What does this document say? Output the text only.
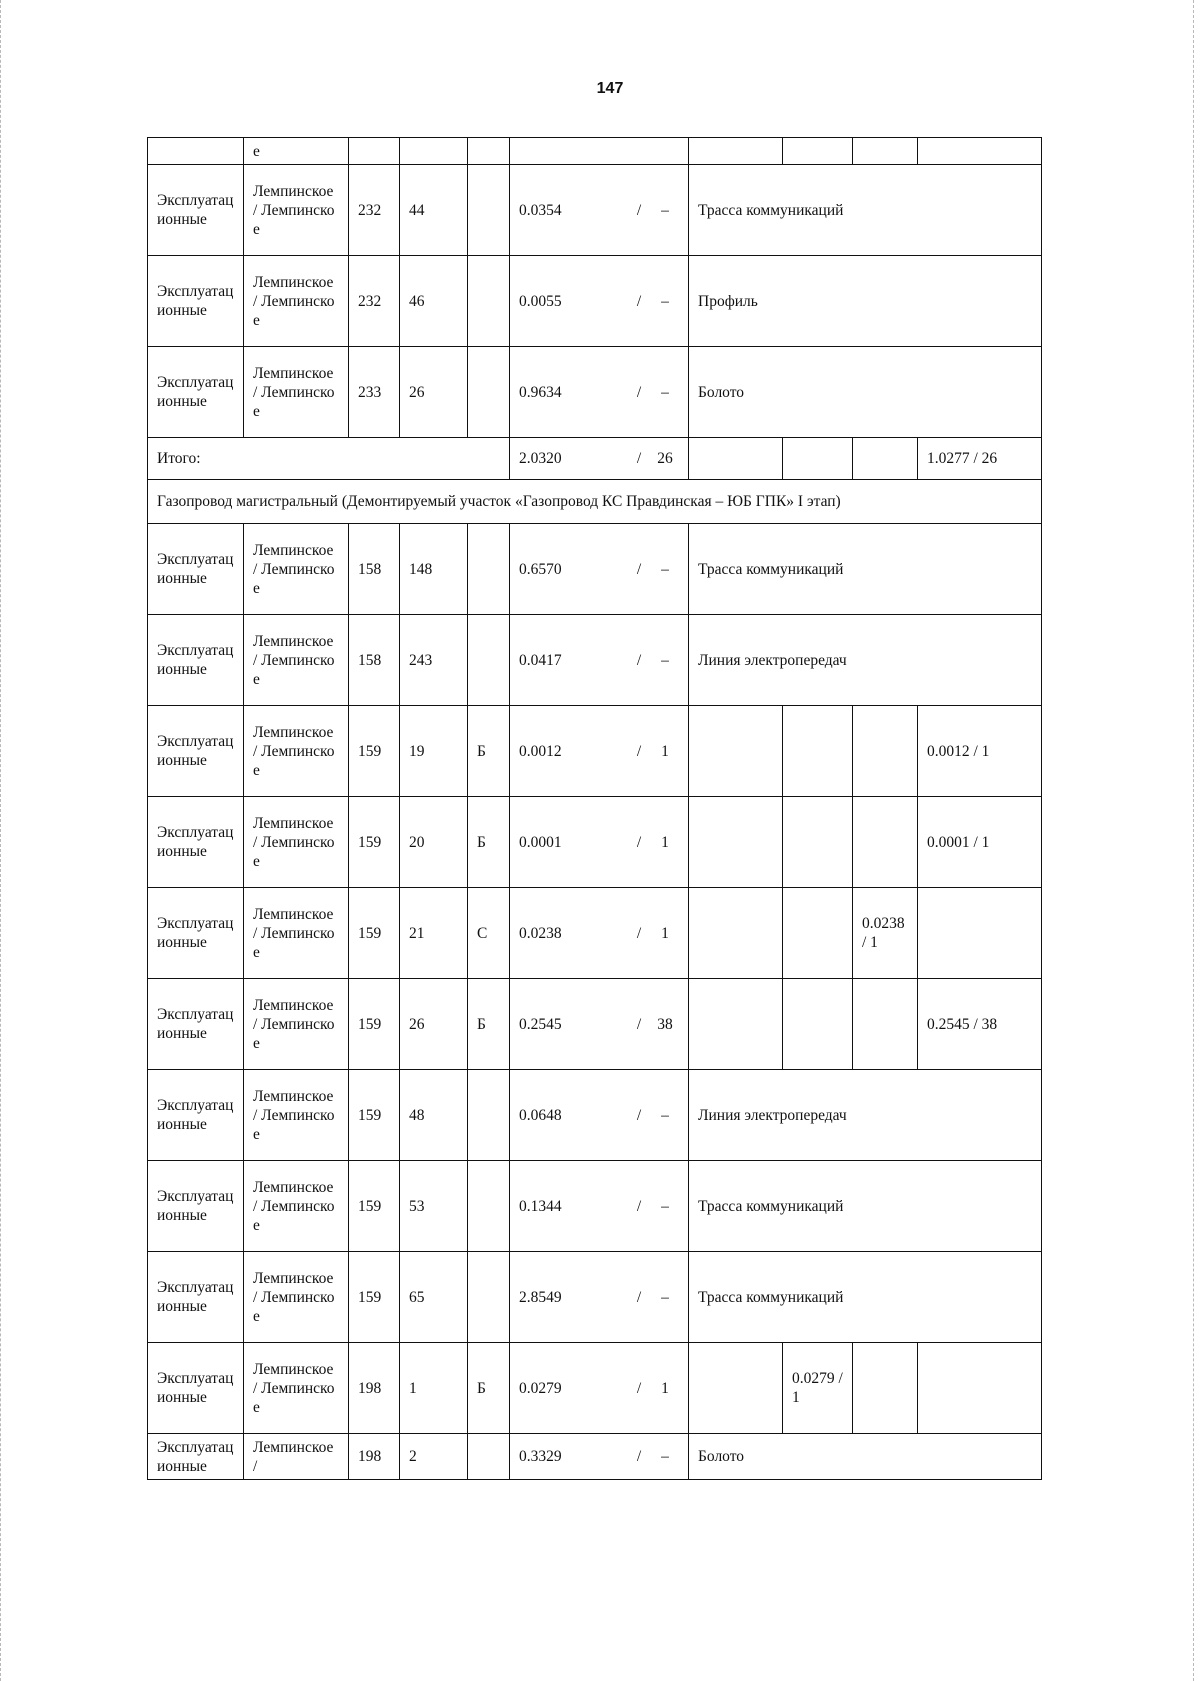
147
	е								
Эксплуатационные	Лемпинское / Лемпинское	232	44		0.0354 / –	Трасса коммуникаций			
Эксплуатационные	Лемпинское / Лемпинское	232	46		0.0055 / –	Профиль			
Эксплуатационные	Лемпинское / Лемпинское	233	26		0.9634 / –	Болото			
Итого:					2.0320 / 26				1.0277 / 26
Газопровод магистральный (Демонтируемый участок «Газопровод КС Правдинская – ЮБ ГПК» I этап)									
Эксплуатационные	Лемпинское / Лемпинское	158	148		0.6570 / –	Трасса коммуникаций			
Эксплуатационные	Лемпинское / Лемпинское	158	243		0.0417 / –	Линия электропередач			
Эксплуатационные	Лемпинское / Лемпинское	159	19	Б	0.0012 / 1				0.0012 / 1
Эксплуатационные	Лемпинское / Лемпинское	159	20	Б	0.0001 / 1				0.0001 / 1
Эксплуатационные	Лемпинское / Лемпинское	159	21	С	0.0238 / 1			0.0238 / 1	
Эксплуатационные	Лемпинское / Лемпинское	159	26	Б	0.2545 / 38				0.2545 / 38
Эксплуатационные	Лемпинское / Лемпинское	159	48		0.0648 / –	Линия электропередач			
Эксплуатационные	Лемпинское / Лемпинское	159	53		0.1344 / –	Трасса коммуникаций			
Эксплуатационные	Лемпинское / Лемпинское	159	65		2.8549 / –	Трасса коммуникаций			
Эксплуатационные	Лемпинское / Лемпинское	198	1	Б	0.0279 / 1		0.0279 / 1		
Эксплуатационные	Лемпинское /	198	2		0.3329 / –	Болото			
